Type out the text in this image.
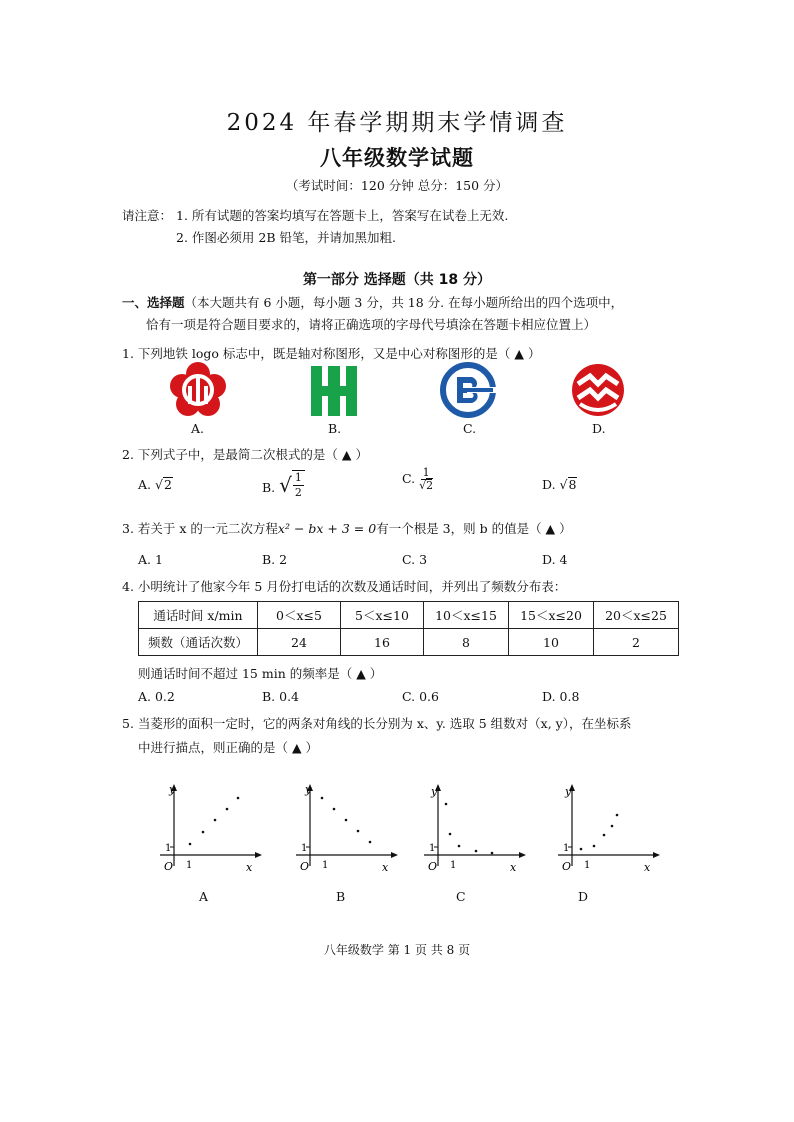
2024 年春学期期末学情调查
八年级数学试题
（考试时间：120 分钟 总分：150 分）
请注意： 1. 所有试题的答案均填写在答题卡上，答案写在试卷上无效.
2. 作图必须用 2B 铅笔，并请加黑加粗.
第一部分 选择题（共 18 分）
一、选择题（本大题共有 6 小题，每小题 3 分，共 18 分. 在每小题所给出的四个选项中，
恰有一项是符合题目要求的，请将正确选项的字母代号填涂在答题卡相应位置上）
1. 下列地铁 logo 标志中，既是轴对称图形，又是中心对称图形的是（ ▲ ）
A.	B.	C.	D.
2. 下列式子中，是最简二次根式的是（ ▲ ）
A. √ 2	B. √ $\frac{1}{2}$	C. $\frac{1}{√2}$	D. √ 8
3. 若关于 x 的一元二次方程x² − bx + 3 = 0有一个根是 3，则 b 的值是（ ▲ ）
A. 1	B. 2	C. 3	D. 4
4. 小明统计了他家今年 5 月份打电话的次数及通话时间，并列出了频数分布表：
通话时间 x/min	0＜x≤5	5＜x≤10	10＜x≤15	15＜x≤20	20＜x≤25
频数（通话次数）	24	16	8	10	2
则通话时间不超过 15 min 的频率是（ ▲ ）
A. 0.2	B. 0.4	C. 0.6	D. 0.8
5. 当菱形的面积一定时，它的两条对角线的长分别为 x、y. 选取 5 组数对（x, y），在坐标系
中进行描点，则正确的是（ ▲ ）
y
1
O 1	x
A
y
1
O 1	x
B
y
1
O 1	x
C
y
1
O 1	x
D
八年级数学 第 1 页 共 8 页
